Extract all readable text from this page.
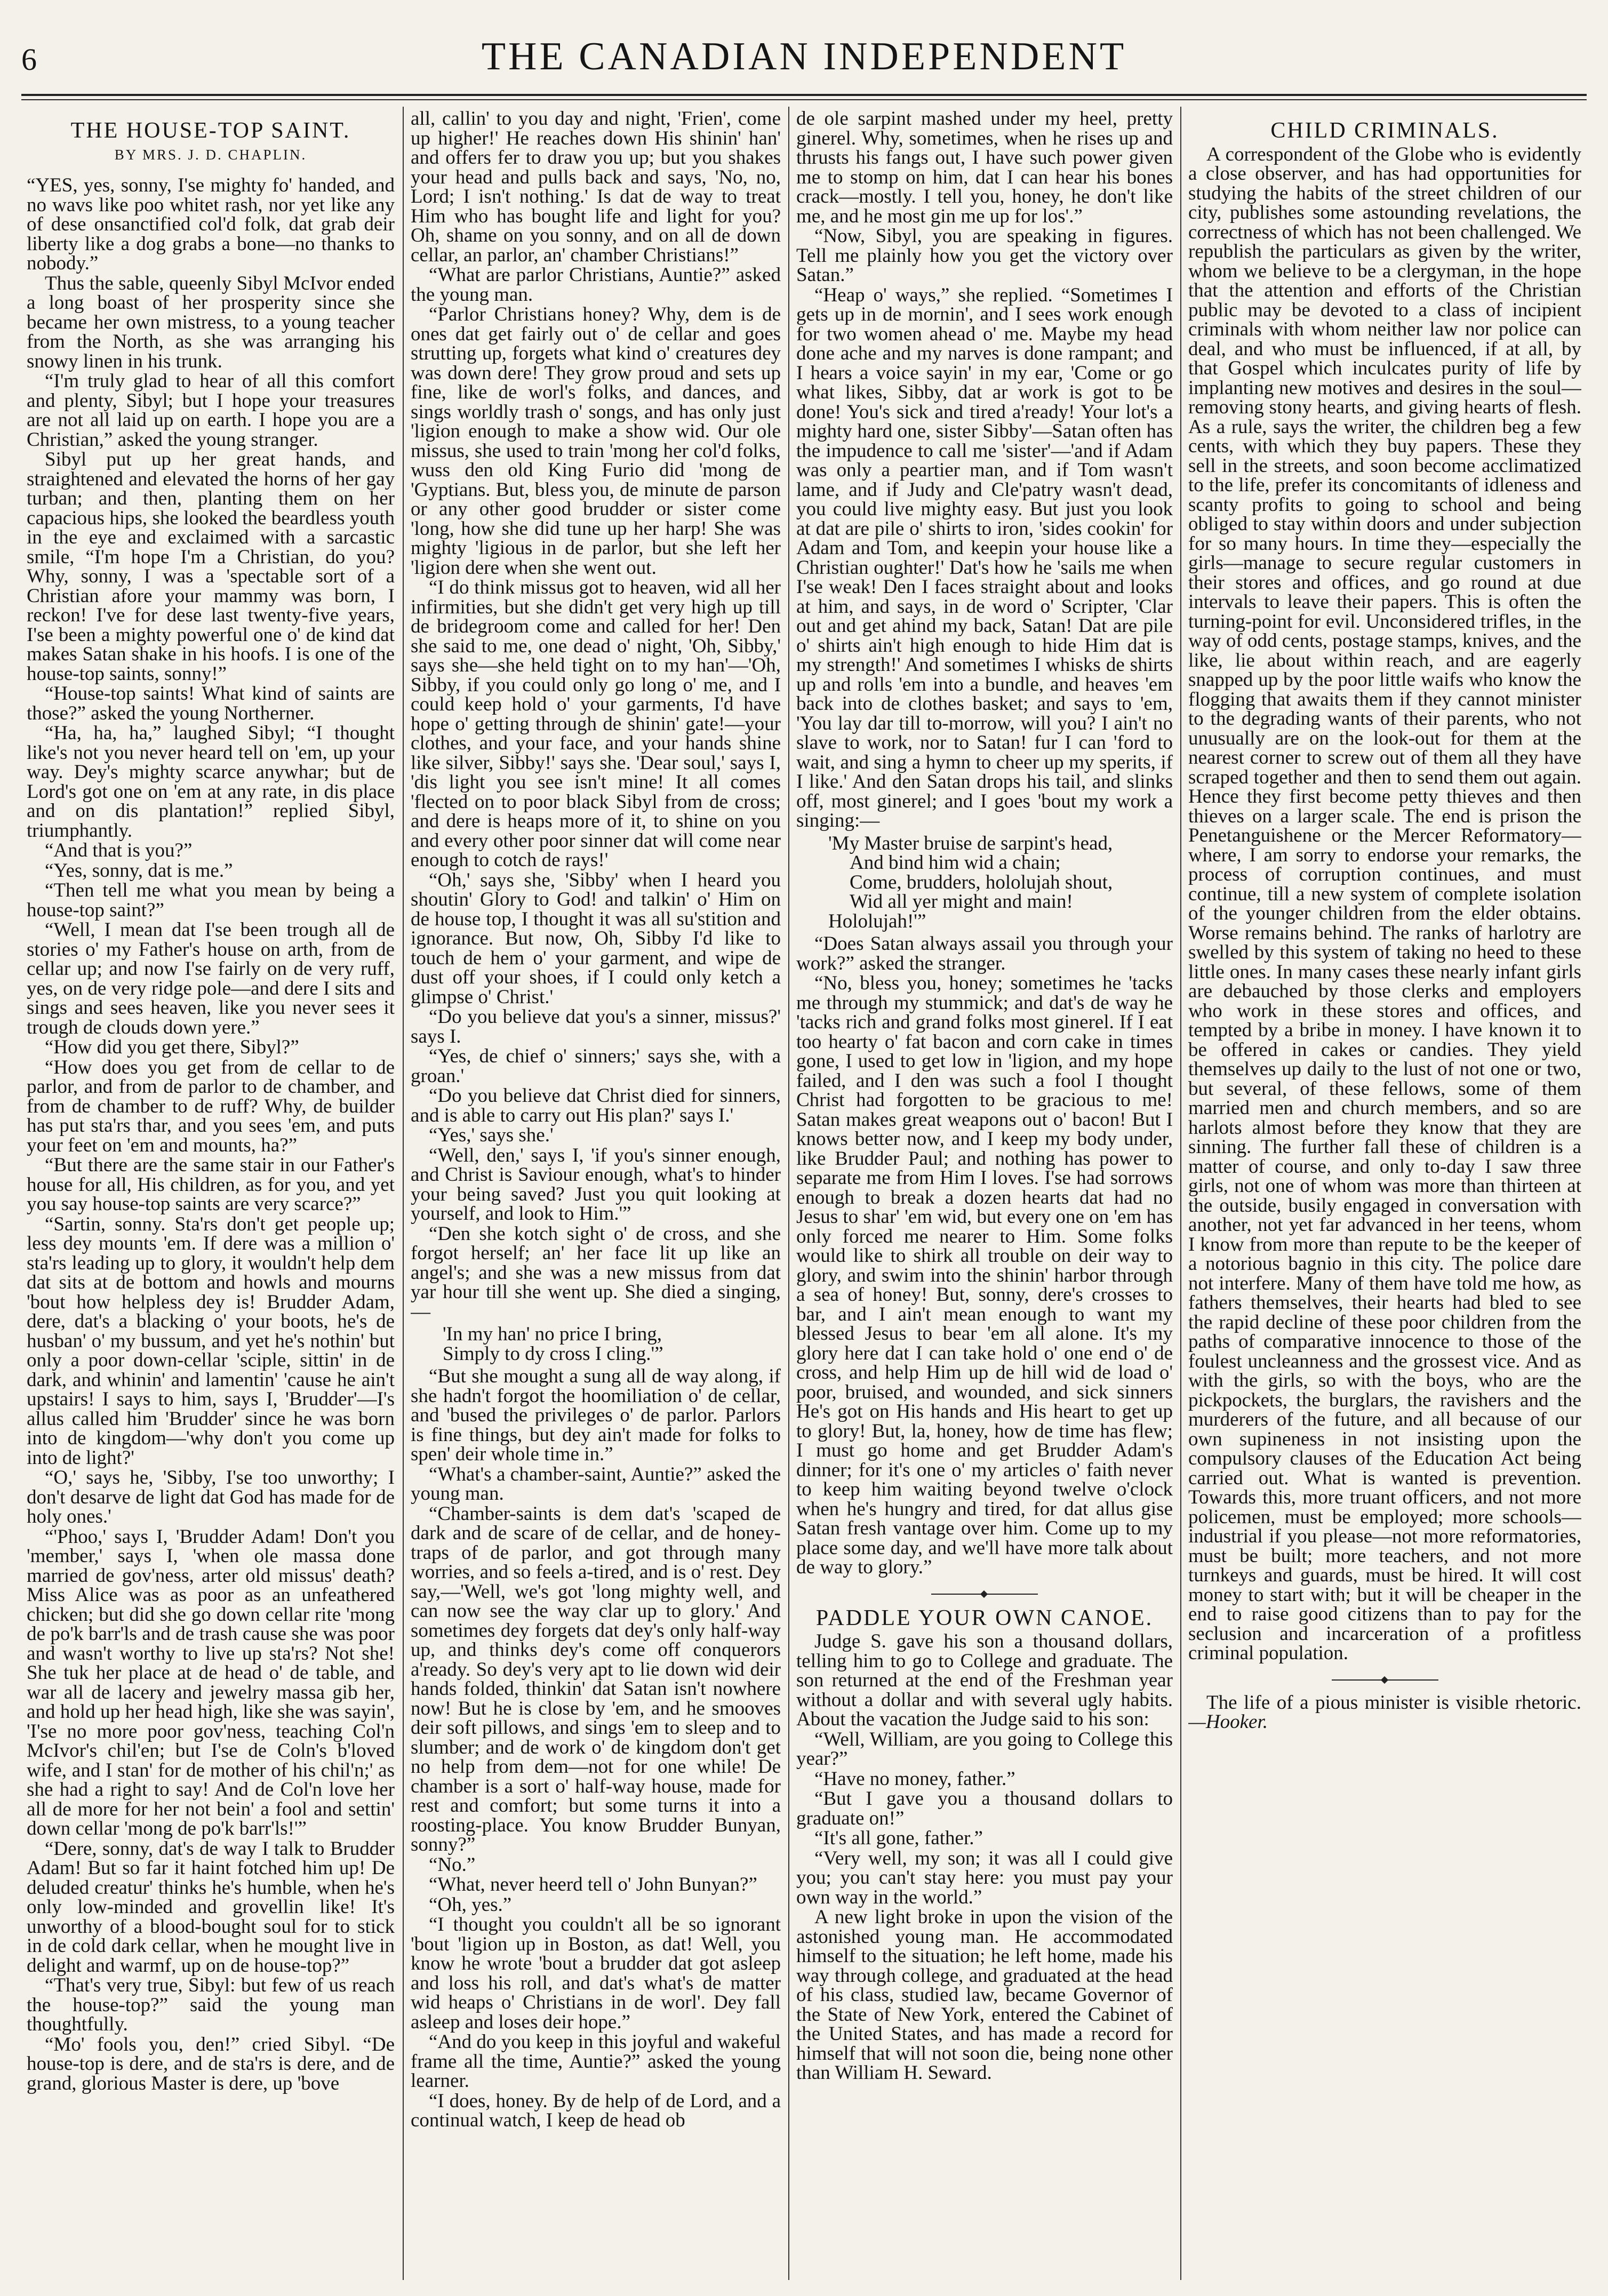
6	THE CANADIAN INDEPENDENT
THE HOUSE-TOP SAINT.
BY MRS. J. D. CHAPLIN.

“YES, yes, sonny, I'se mighty fo' handed, and no wavs like poo whitet rash, nor yet like any of dese onsanctified col'd folk, dat grab deir liberty like a dog grabs a bone—no thanks to nobody.”

Thus the sable, queenly Sibyl McIvor ended a long boast of her prosperity since she became her own mistress, to a young teacher from the North, as she was arranging his snowy linen in his trunk.

“I'm truly glad to hear of all this comfort and plenty, Sibyl; but I hope your treasures are not all laid up on earth. I hope you are a Christian,” asked the young stranger.

Sibyl put up her great hands, and straightened and elevated the horns of her gay turban; and then, planting them on her capacious hips, she looked the beardless youth in the eye and exclaimed with a sarcastic smile, “I'm hope I'm a Christian, do you? Why, sonny, I was a 'spectable sort of a Christian afore your mammy was born, I reckon! I've for dese last twenty-five years, I'se been a mighty powerful one o' de kind dat makes Satan shake in his hoofs. I is one of the house-top saints, sonny!”

“House-top saints! What kind of saints are those?” asked the young Northerner.

“Ha, ha, ha,” laughed Sibyl; “I thought like's not you never heard tell on 'em, up your way. Dey's mighty scarce anywhar; but de Lord's got one on 'em at any rate, in dis place and on dis plantation!” replied Sibyl, triumphantly.

“And that is you?”

“Yes, sonny, dat is me.”

“Then tell me what you mean by being a house-top saint?”

“Well, I mean dat I'se been trough all de stories o' my Father's house on arth, from de cellar up; and now I'se fairly on de very ruff, yes, on de very ridge pole—and dere I sits and sings and sees heaven, like you never sees it trough de clouds down yere.”

“How did you get there, Sibyl?”

“How does you get from de cellar to de parlor, and from de parlor to de chamber, and from de chamber to de ruff? Why, de builder has put sta'rs thar, and you sees 'em, and puts your feet on 'em and mounts, ha?”

“But there are the same stair in our Father's house for all, His children, as for you, and yet you say house-top saints are very scarce?”

“Sartin, sonny. Sta'rs don't get people up; less dey mounts 'em. If dere was a million o' sta'rs leading up to glory, it wouldn't help dem dat sits at de bottom and howls and mourns 'bout how helpless dey is! Brudder Adam, dere, dat's a blacking o' your boots, he's de husban' o' my bussum, and yet he's nothin' but only a poor down-cellar 'sciple, sittin' in de dark, and whinin' and lamentin' 'cause he ain't upstairs! I says to him, says I, 'Brudder'—I's allus called him 'Brudder' since he was born into de kingdom—'why don't you come up into de light?'

“O,' says he, 'Sibby, I'se too unworthy; I don't desarve de light dat God has made for de holy ones.'

“'Phoo,' says I, 'Brudder Adam! Don't you 'member,' says I, 'when ole massa done married de gov'ness, arter old missus' death? Miss Alice was as poor as an unfeathered chicken; but did she go down cellar rite 'mong de po'k barr'ls and de trash cause she was poor and wasn't worthy to live up sta'rs? Not she! She tuk her place at de head o' de table, and war all de lacery and jewelry massa gib her, and hold up her head high, like she was sayin', 'I'se no more poor gov'ness, teaching Col'n McIvor's chil'en; but I'se de Coln's b'loved wife, and I stan' for de mother of his chil'n;' as she had a right to say! And de Col'n love her all de more for her not bein' a fool and settin' down cellar 'mong de po'k barr'ls!'”

“Dere, sonny, dat's de way I talk to Brudder Adam! But so far it haint fotched him up! De deluded creatur' thinks he's humble, when he's only low-minded and grovellin like! It's unworthy of a blood-bought soul for to stick in de cold dark cellar, when he mought live in delight and warmf, up on de house-top?”

“That's very true, Sibyl: but few of us reach the house-top?” said the young man thoughtfully.

“Mo' fools you, den!” cried Sibyl. “De house-top is dere, and de sta'rs is dere, and de grand, glorious Master is dere, up 'bove

all, callin' to you day and night, 'Frien', come up higher!' He reaches down His shinin' han' and offers fer to draw you up; but you shakes your head and pulls back and says, 'No, no, Lord; I isn't nothing.' Is dat de way to treat Him who has bought life and light for you? Oh, shame on you sonny, and on all de down cellar, an parlor, an' chamber Christians!”

“What are parlor Christians, Auntie?” asked the young man.

“Parlor Christians honey? Why, dem is de ones dat get fairly out o' de cellar and goes strutting up, forgets what kind o' creatures dey was down dere! They grow proud and sets up fine, like de worl's folks, and dances, and sings worldly trash o' songs, and has only just 'ligion enough to make a show wid. Our ole missus, she used to train 'mong her col'd folks, wuss den old King Furio did 'mong de 'Gyptians. But, bless you, de minute de parson or any other good brudder or sister come 'long, how she did tune up her harp! She was mighty 'ligious in de parlor, but she left her 'ligion dere when she went out.

“I do think missus got to heaven, wid all her infirmities, but she didn't get very high up till de bridegroom come and called for her! Den she said to me, one dead o' night, 'Oh, Sibby,' says she—she held tight on to my han'—'Oh, Sibby, if you could only go long o' me, and I could keep hold o' your garments, I'd have hope o' getting through de shinin' gate!—your clothes, and your face, and your hands shine like silver, Sibby!' says she. 'Dear soul,' says I, 'dis light you see isn't mine! It all comes 'flected on to poor black Sibyl from de cross; and dere is heaps more of it, to shine on you and every other poor sinner dat will come near enough to cotch de rays!'

“Oh,' says she, 'Sibby' when I heard you shoutin' Glory to God! and talkin' o' Him on de house top, I thought it was all su'stition and ignorance. But now, Oh, Sibby I'd like to touch de hem o' your garment, and wipe de dust off your shoes, if I could only ketch a glimpse o' Christ.'

“Do you believe dat you's a sinner, missus?' says I.

“Yes, de chief o' sinners;' says she, with a groan.'

“Do you believe dat Christ died for sinners, and is able to carry out His plan?' says I.'

“Yes,' says she.'

“Well, den,' says I, 'if you's sinner enough, and Christ is Saviour enough, what's to hinder your being saved? Just you quit looking at yourself, and look to Him.'”

“Den she kotch sight o' de cross, and she forgot herself; an' her face lit up like an angel's; and she was a new missus from dat yar hour till she went up. She died a singing,—

'In my han' no price I bring,
Simply to dy cross I cling.'”

“But she mought a sung all de way along, if she hadn't forgot the hoomiliation o' de cellar, and 'bused the privileges o' de parlor. Parlors is fine things, but dey ain't made for folks to spen' deir whole time in.”

“What's a chamber-saint, Auntie?” asked the young man.

“Chamber-saints is dem dat's 'scaped de dark and de scare of de cellar, and de honey-traps of de parlor, and got through many worries, and so feels a-tired, and is o' rest. Dey say,—'Well, we's got 'long mighty well, and can now see the way clar up to glory.' And sometimes dey forgets dat dey's only half-way up, and thinks dey's come off conquerors a'ready. So dey's very apt to lie down wid deir hands folded, thinkin' dat Satan isn't nowhere now! But he is close by 'em, and he smooves deir soft pillows, and sings 'em to sleep and to slumber; and de work o' de kingdom don't get no help from dem—not for one while! De chamber is a sort o' half-way house, made for rest and comfort; but some turns it into a roosting-place. You know Brudder Bunyan, sonny?”

“No.”

“What, never heerd tell o' John Bunyan?”

“Oh, yes.”

“I thought you couldn't all be so ignorant 'bout 'ligion up in Boston, as dat! Well, you know he wrote 'bout a brudder dat got asleep and loss his roll, and dat's what's de matter wid heaps o' Christians in de worl'. Dey fall asleep and loses deir hope.”

“And do you keep in this joyful and wakeful frame all the time, Auntie?” asked the young learner.

“I does, honey. By de help of de Lord, and a continual watch, I keep de head ob

de ole sarpint mashed under my heel, pretty ginerel. Why, sometimes, when he rises up and thrusts his fangs out, I have such power given me to stomp on him, dat I can hear his bones crack—mostly. I tell you, honey, he don't like me, and he most gin me up for los'.”

“Now, Sibyl, you are speaking in figures. Tell me plainly how you get the victory over Satan.”

“Heap o' ways,” she replied. “Sometimes I gets up in de mornin', and I sees work enough for two women ahead o' me. Maybe my head done ache and my narves is done rampant; and I hears a voice sayin' in my ear, 'Come or go what likes, Sibby, dat ar work is got to be done! You's sick and tired a'ready! Your lot's a mighty hard one, sister Sibby'—Satan often has the impudence to call me 'sister'—'and if Adam was only a peartier man, and if Tom wasn't lame, and if Judy and Cle'patry wasn't dead, you could live mighty easy. But just you look at dat are pile o' shirts to iron, 'sides cookin' for Adam and Tom, and keepin your house like a Christian oughter!' Dat's how he 'sails me when I'se weak! Den I faces straight about and looks at him, and says, in de word o' Scripter, 'Clar out and get ahind my back, Satan! Dat are pile o' shirts ain't high enough to hide Him dat is my strength!' And sometimes I whisks de shirts up and rolls 'em into a bundle, and heaves 'em back into de clothes basket; and says to 'em, 'You lay dar till to-morrow, will you? I ain't no slave to work, nor to Satan! fur I can 'ford to wait, and sing a hymn to cheer up my sperits, if I like.' And den Satan drops his tail, and slinks off, most ginerel; and I goes 'bout my work a singing:—

'My Master bruise de sarpint's head,
And bind him wid a chain;
Come, brudders, hololujah shout,
Wid all yer might and main!
Hololujah!'”

“Does Satan always assail you through your work?” asked the stranger.

“No, bless you, honey; sometimes he 'tacks me through my stummick; and dat's de way he 'tacks rich and grand folks most ginerel. If I eat too hearty o' fat bacon and corn cake in times gone, I used to get low in 'ligion, and my hope failed, and I den was such a fool I thought Christ had forgotten to be gracious to me! Satan makes great weapons out o' bacon! But I knows better now, and I keep my body under, like Brudder Paul; and nothing has power to separate me from Him I loves. I'se had sorrows enough to break a dozen hearts dat had no Jesus to shar' 'em wid, but every one on 'em has only forced me nearer to Him. Some folks would like to shirk all trouble on deir way to glory, and swim into the shinin' harbor through a sea of honey! But, sonny, dere's crosses to bar, and I ain't mean enough to want my blessed Jesus to bear 'em all alone. It's my glory here dat I can take hold o' one end o' de cross, and help Him up de hill wid de load o' poor, bruised, and wounded, and sick sinners He's got on His hands and His heart to get up to glory! But, la, honey, how de time has flew; I must go home and get Brudder Adam's dinner; for it's one o' my articles o' faith never to keep him waiting beyond twelve o'clock when he's hungry and tired, for dat allus gise Satan fresh vantage over him. Come up to my place some day, and we'll have more talk about de way to glory.”

PADDLE YOUR OWN CANOE.

Judge S. gave his son a thousand dollars, telling him to go to College and graduate. The son returned at the end of the Freshman year without a dollar and with several ugly habits. About the vacation the Judge said to his son:

“Well, William, are you going to College this year?”

“Have no money, father.”

“But I gave you a thousand dollars to graduate on!”

“It's all gone, father.”

“Very well, my son; it was all I could give you; you can't stay here: you must pay your own way in the world.”

A new light broke in upon the vision of the astonished young man. He accommodated himself to the situation; he left home, made his way through college, and graduated at the head of his class, studied law, became Governor of the State of New York, entered the Cabinet of the United States, and has made a record for himself that will not soon die, being none other than William H. Seward.

CHILD CRIMINALS.

A correspondent of the Globe who is evidently a close observer, and has had opportunities for studying the habits of the street children of our city, publishes some astounding revelations, the correctness of which has not been challenged. We republish the particulars as given by the writer, whom we believe to be a clergyman, in the hope that the attention and efforts of the Christian public may be devoted to a class of incipient criminals with whom neither law nor police can deal, and who must be influenced, if at all, by that Gospel which inculcates purity of life by implanting new motives and desires in the soul—removing stony hearts, and giving hearts of flesh. As a rule, says the writer, the children beg a few cents, with which they buy papers. These they sell in the streets, and soon become acclimatized to the life, prefer its concomitants of idleness and scanty profits to going to school and being obliged to stay within doors and under subjection for so many hours. In time they—especially the girls—manage to secure regular customers in their stores and offices, and go round at due intervals to leave their papers. This is often the turning-point for evil. Unconsidered trifles, in the way of odd cents, postage stamps, knives, and the like, lie about within reach, and are eagerly snapped up by the poor little waifs who know the flogging that awaits them if they cannot minister to the degrading wants of their parents, who not unusually are on the look-out for them at the nearest corner to screw out of them all they have scraped together and then to send them out again. Hence they first become petty thieves and then thieves on a larger scale. The end is prison the Penetanguishene or the Mercer Reformatory—where, I am sorry to endorse your remarks, the process of corruption continues, and must continue, till a new system of complete isolation of the younger children from the elder obtains. Worse remains behind. The ranks of harlotry are swelled by this system of taking no heed to these little ones. In many cases these nearly infant girls are debauched by those clerks and employers who work in these stores and offices, and tempted by a bribe in money. I have known it to be offered in cakes or candies. They yield themselves up daily to the lust of not one or two, but several, of these fellows, some of them married men and church members, and so are harlots almost before they know that they are sinning. The further fall these of children is a matter of course, and only to-day I saw three girls, not one of whom was more than thirteen at the outside, busily engaged in conversation with another, not yet far advanced in her teens, whom I know from more than repute to be the keeper of a notorious bagnio in this city. The police dare not interfere. Many of them have told me how, as fathers themselves, their hearts had bled to see the rapid decline of these poor children from the paths of comparative innocence to those of the foulest uncleanness and the grossest vice. And as with the girls, so with the boys, who are the pickpockets, the burglars, the ravishers and the murderers of the future, and all because of our own supineness in not insisting upon the compulsory clauses of the Education Act being carried out. What is wanted is prevention. Towards this, more truant officers, and not more policemen, must be employed; more schools—industrial if you please—not more reformatories, must be built; more teachers, and not more turnkeys and guards, must be hired. It will cost money to start with; but it will be cheaper in the end to raise good citizens than to pay for the seclusion and incarceration of a profitless criminal population.

The life of a pious minister is visible rhetoric. —Hooker.
